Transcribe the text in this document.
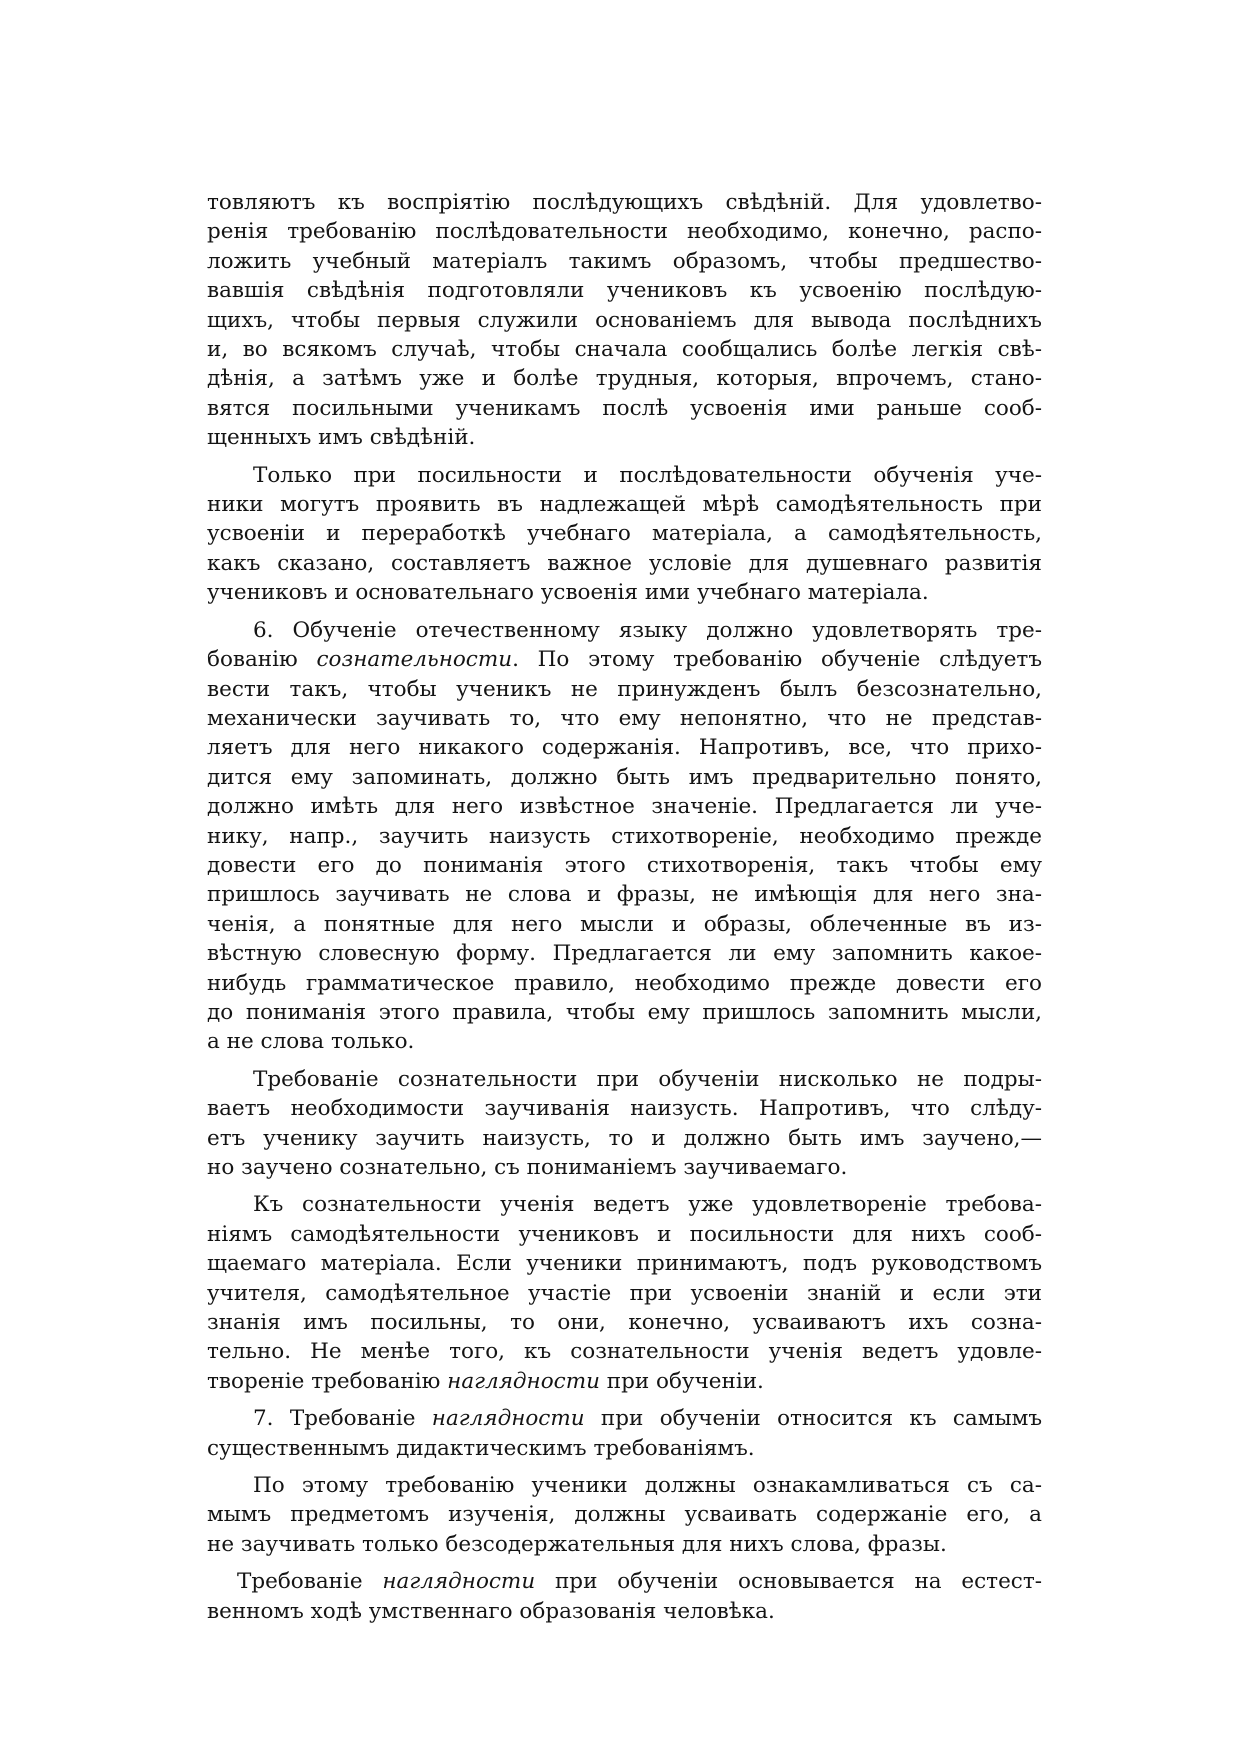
товляютъ къ воспріятію послѣдующихъ свѣдѣній. Для удовлетво-
ренія требованію послѣдовательности необходимо, конечно, распо-
ложить учебный матеріалъ такимъ образомъ, чтобы предшество-
вавшія свѣдѣнія подготовляли учениковъ къ усвоенію послѣдую-
щихъ, чтобы первыя служили основаніемъ для вывода послѣднихъ
и, во всякомъ случаѣ, чтобы сначала сообщались болѣе легкія свѣ-
дѣнія, а затѣмъ уже и болѣе трудныя, которыя, впрочемъ, стано-
вятся посильными ученикамъ послѣ усвоенія ими раньше сооб-
щенныхъ имъ свѣдѣній.
Только при посильности и послѣдовательности обученія уче-
ники могутъ проявить въ надлежащей мѣрѣ самодѣятельность при
усвоеніи и переработкѣ учебнаго матеріала, а самодѣятельность,
какъ сказано, составляетъ важное условіе для душевнаго развитія
учениковъ и основательнаго усвоенія ими учебнаго матеріала.
6. Обученіе отечественному языку должно удовлетворять тре-
бованію сознательности. По этому требованію обученіе слѣдуетъ
вести такъ, чтобы ученикъ не принужденъ былъ безсознательно,
механически заучивать то, что ему непонятно, что не представ-
ляетъ для него никакого содержанія. Напротивъ, все, что прихо-
дится ему запоминать, должно быть имъ предварительно понято,
должно имѣть для него извѣстное значеніе. Предлагается ли уче-
нику, напр., заучить наизусть стихотвореніе, необходимо прежде
довести его до пониманія этого стихотворенія, такъ чтобы ему
пришлось заучивать не слова и фразы, не имѣющія для него зна-
ченія, а понятные для него мысли и образы, облеченные въ из-
вѣстную словесную форму. Предлагается ли ему запомнить какое-
нибудь грамматическое правило, необходимо прежде довести его
до пониманія этого правила, чтобы ему пришлось запомнить мысли,
а не слова только.
Требованіе сознательности при обученіи нисколько не подры-
ваетъ необходимости заучиванія наизусть. Напротивъ, что слѣду-
етъ ученику заучить наизусть, то и должно быть имъ заучено,—
но заучено сознательно, съ пониманіемъ заучиваемаго.
Къ сознательности ученія ведетъ уже удовлетвореніе требова-
ніямъ самодѣятельности учениковъ и посильности для нихъ сооб-
щаемаго матеріала. Если ученики принимаютъ, подъ руководствомъ
учителя, самодѣятельное участіе при усвоеніи знаній и если эти
знанія имъ посильны, то они, конечно, усваиваютъ ихъ созна-
тельно. Не менѣе того, къ сознательности ученія ведетъ удовле-
твореніе требованію наглядности при обученіи.
7. Требованіе наглядности при обученіи относится къ самымъ
существеннымъ дидактическимъ требованіямъ.
По этому требованію ученики должны ознакамливаться съ са-
мымъ предметомъ изученія, должны усваивать содержаніе его, а
не заучивать только безсодержательныя для нихъ слова, фразы.
Требованіе наглядности при обученіи основывается на естест-
венномъ ходѣ умственнаго образованія человѣка.
